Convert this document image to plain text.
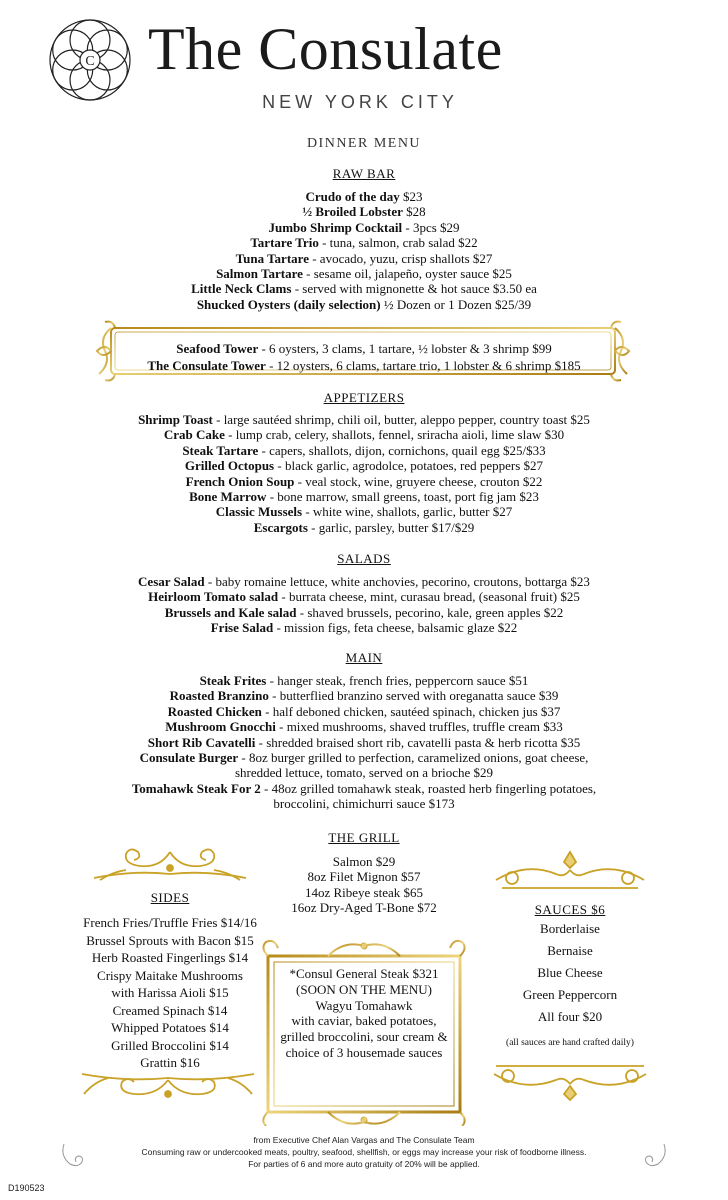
C The Consulate
NEW YORK CITY
DINNER MENU
RAW BAR
Crudo of the day $23
½ Broiled Lobster $28
Jumbo Shrimp Cocktail - 3pcs $29
Tartare Trio - tuna, salmon, crab salad $22
Tuna Tartare - avocado, yuzu, crisp shallots $27
Salmon Tartare - sesame oil, jalapeño, oyster sauce $25
Little Neck Clams - served with mignonette & hot sauce $3.50 ea
Shucked Oysters (daily selection) ½ Dozen or 1 Dozen $25/39
Seafood Tower - 6 oysters, 3 clams, 1 tartare, ½ lobster & 3 shrimp $99
The Consulate Tower - 12 oysters, 6 clams, tartare trio, 1 lobster & 6 shrimp $185
APPETIZERS
Shrimp Toast - large sautéed shrimp, chili oil, butter, aleppo pepper, country toast $25
Crab Cake - lump crab, celery, shallots, fennel, sriracha aioli, lime slaw $30
Steak Tartare - capers, shallots, dijon, cornichons, quail egg $25/$33
Grilled Octopus - black garlic, agrodolce, potatoes, red peppers $27
French Onion Soup - veal stock, wine, gruyere cheese, crouton $22
Bone Marrow - bone marrow, small greens, toast, port fig jam $23
Classic Mussels - white wine, shallots, garlic, butter $27
Escargots - garlic, parsley, butter $17/$29
SALADS
Cesar Salad - baby romaine lettuce, white anchovies, pecorino, croutons, bottarga $23
Heirloom Tomato salad - burrata cheese, mint, curasau bread, (seasonal fruit) $25
Brussels and Kale salad - shaved brussels, pecorino, kale, green apples $22
Frise Salad - mission figs, feta cheese, balsamic glaze $22
MAIN
Steak Frites - hanger steak, french fries, peppercorn sauce $51
Roasted Branzino - butterflied branzino served with oreganatta sauce $39
Roasted Chicken - half deboned chicken, sautéed spinach, chicken jus $37
Mushroom Gnocchi - mixed mushrooms, shaved truffles, truffle cream $33
Short Rib Cavatelli - shredded braised short rib, cavatelli pasta & herb ricotta $35
Consulate Burger - 8oz burger grilled to perfection, caramelized onions, goat cheese,
shredded lettuce, tomato, served on a brioche $29
Tomahawk Steak For 2 - 48oz grilled tomahawk steak, roasted herb fingerling potatoes,
broccolini, chimichurri sauce $173
THE GRILL
Salmon $29
8oz Filet Mignon $57
14oz Ribeye steak $65
16oz Dry-Aged T-Bone $72
SIDES
French Fries/Truffle Fries $14/16
Brussel Sprouts with Bacon $15
Herb Roasted Fingerlings $14
Crispy Maitake Mushrooms
with Harissa Aioli $15
Creamed Spinach $14
Whipped Potatoes $14
Grilled Broccolini $14
Grattin $16
SAUCES $6
Borderlaise
Bernaise
Blue Cheese
Green Peppercorn
All four $20
(all sauces are hand crafted daily)
*Consul General Steak $321
(SOON ON THE MENU)
Wagyu Tomahawk
with caviar, baked potatoes,
grilled broccolini, sour cream &
choice of 3 housemade sauces
from Executive Chef Alan Vargas and The Consulate Team
Consuming raw or undercooked meats, poultry, seafood, shellfish, or eggs may increase your risk of foodborne illness.
For parties of 6 and more auto gratuity of 20% will be applied.
D190523
